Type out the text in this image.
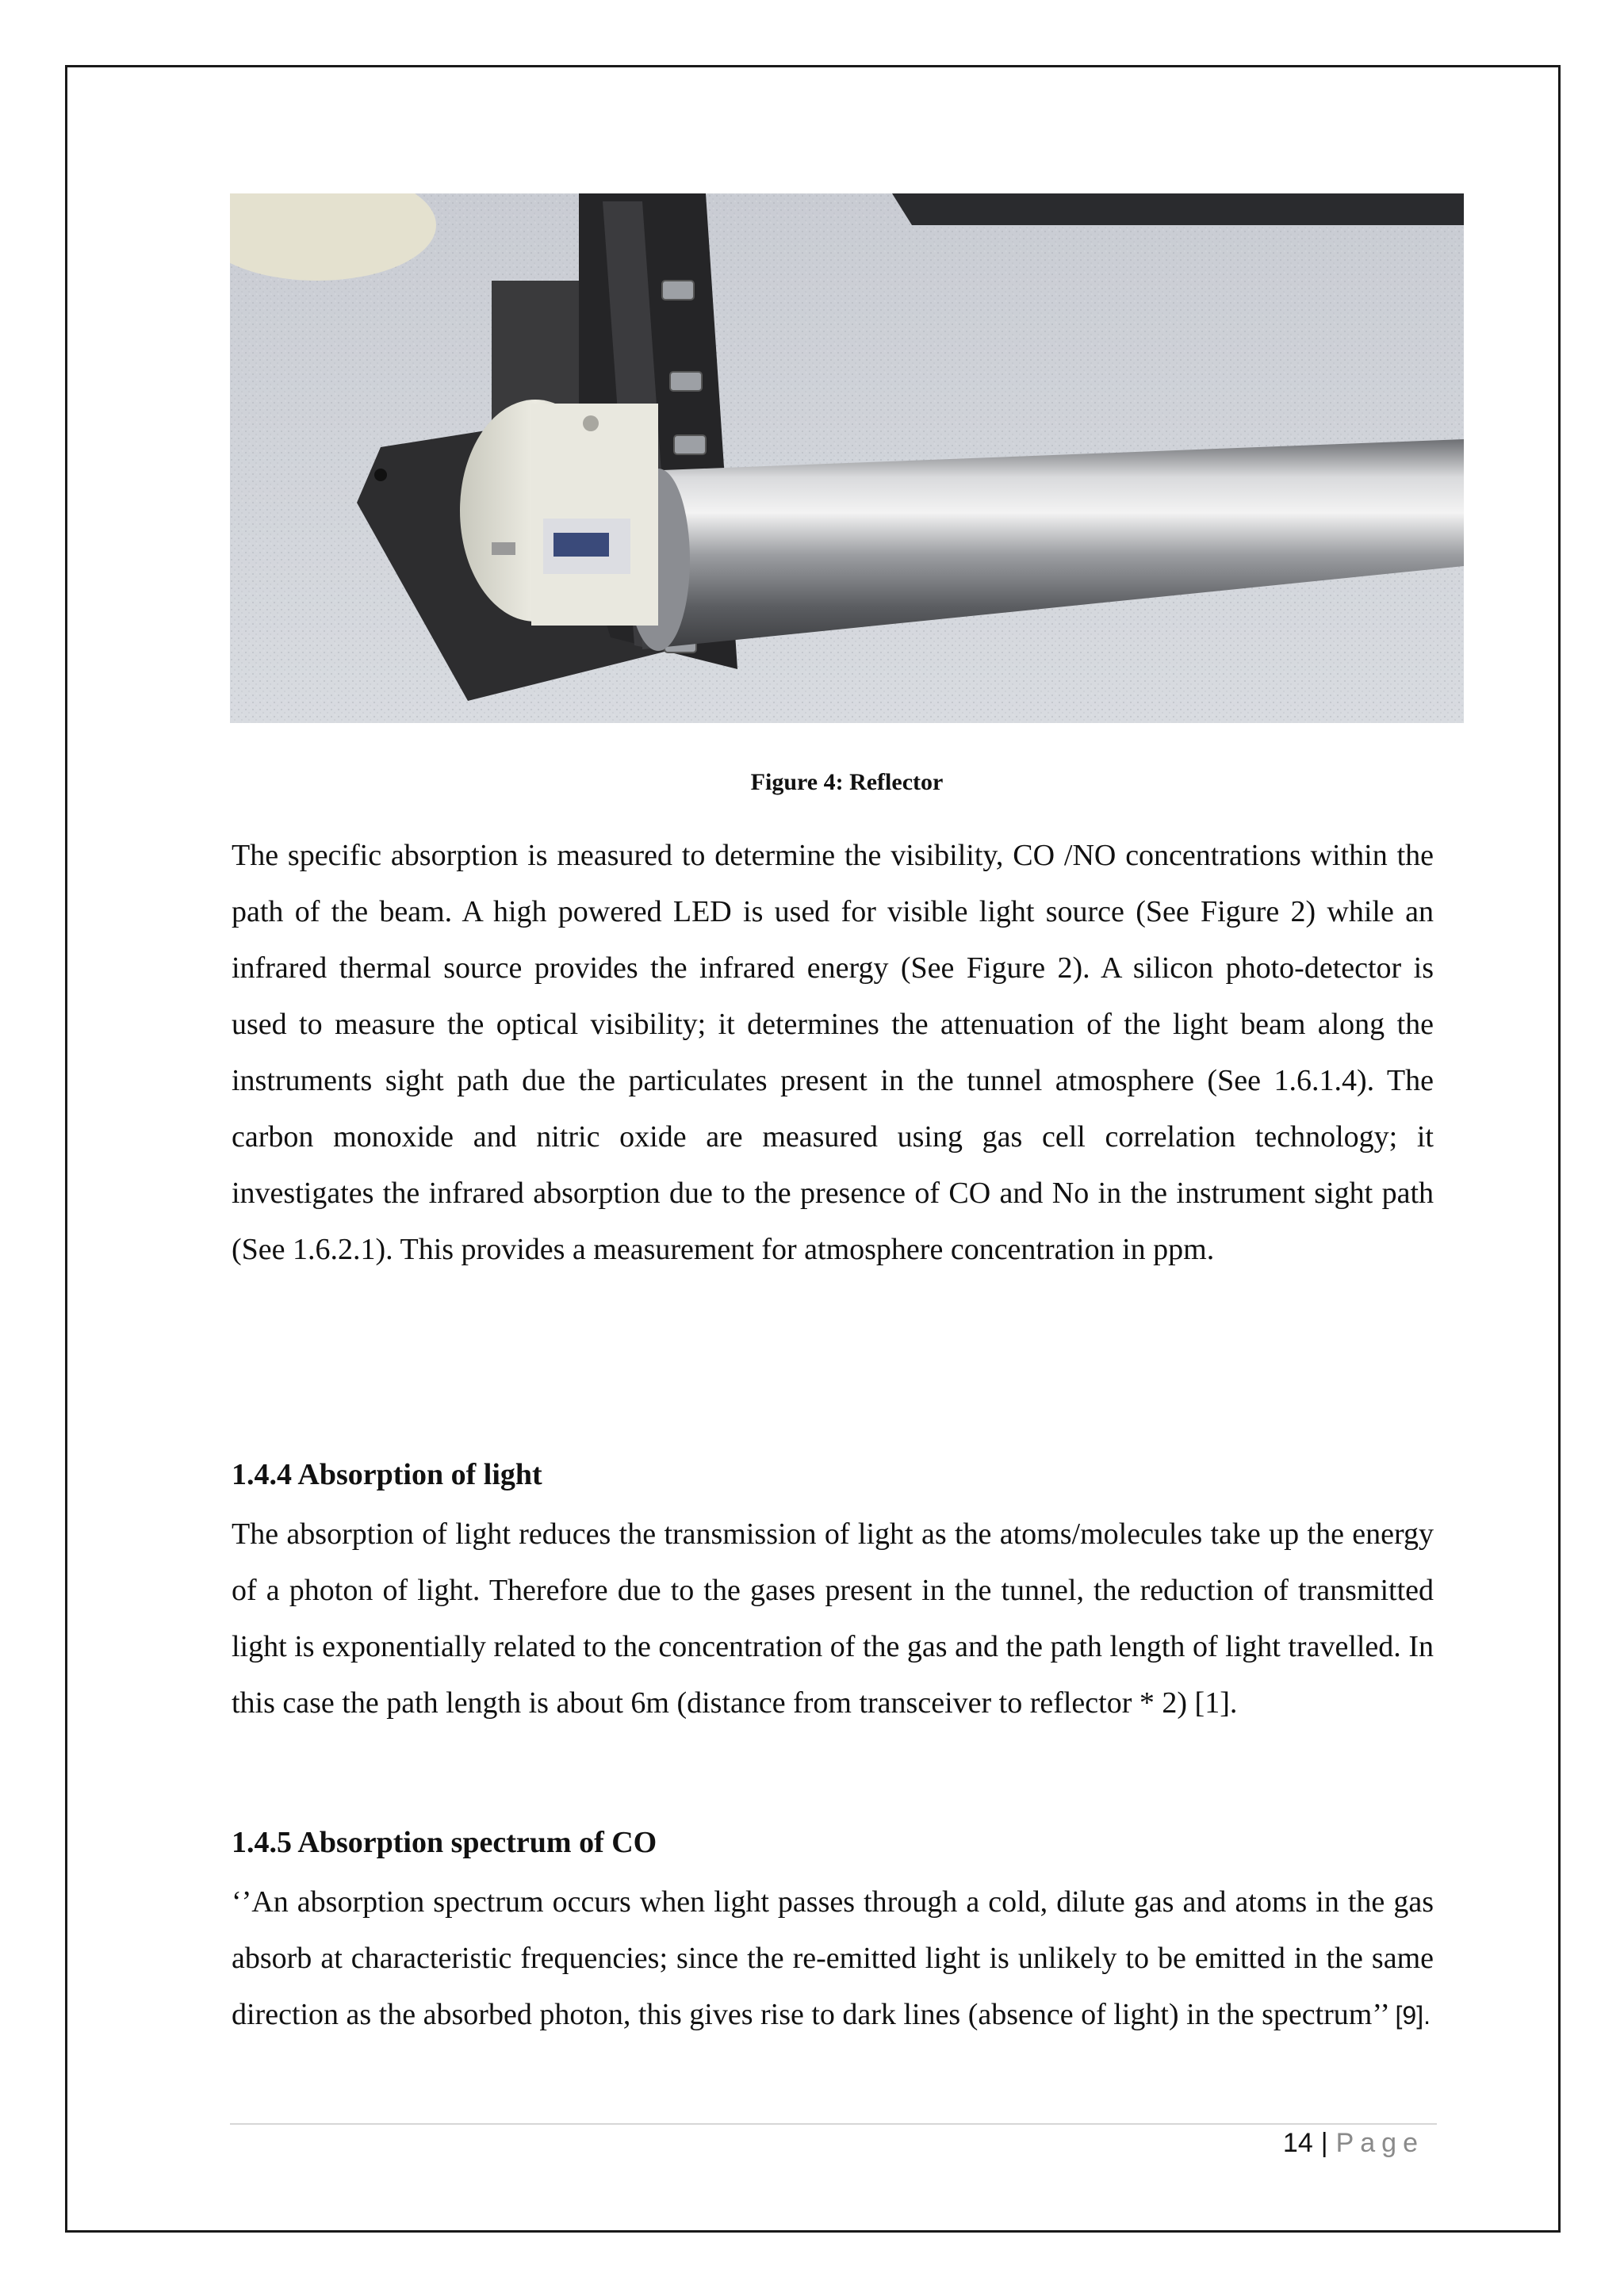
Figure 4: Reflector

The specific absorption is measured to determine the visibility, CO /NO concentrations within the path of the beam. A high powered LED is used for visible light source (See Figure 2) while an infrared thermal source provides the infrared energy (See Figure 2). A silicon photo-detector is used to measure the optical visibility; it determines the attenuation of the light beam along the instruments sight path due the particulates present in the tunnel atmosphere (See 1.6.1.4). The carbon monoxide and nitric oxide are measured using gas cell correlation technology; it investigates the infrared absorption due to the presence of CO and No in the instrument sight path (See 1.6.2.1). This provides a measurement for atmosphere concentration in ppm.

1.4.4 Absorption of light

The absorption of light reduces the transmission of light as the atoms/molecules take up the energy of a photon of light. Therefore due to the gases present in the tunnel, the reduction of transmitted light is exponentially related to the concentration of the gas and the path length of light travelled. In this case the path length is about 6m (distance from transceiver to reflector * 2) [1].

1.4.5 Absorption spectrum of CO

‘’An absorption spectrum occurs when light passes through a cold, dilute gas and atoms in the gas absorb at characteristic frequencies; since the re-emitted light is unlikely to be emitted in the same direction as the absorbed photon, this gives rise to dark lines (absence of light) in the spectrum’’ [9].

14 | Page
